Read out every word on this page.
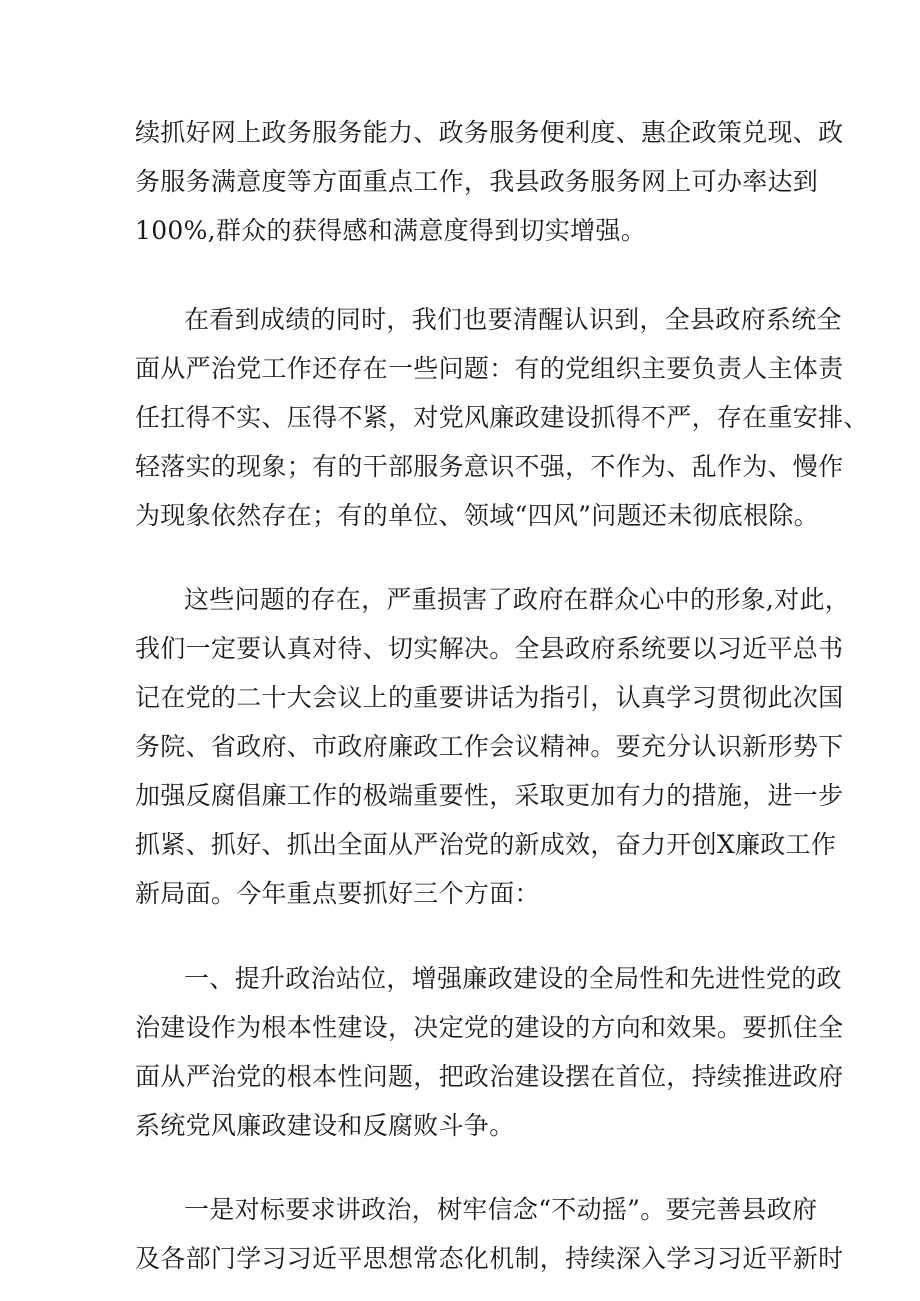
续抓好网上政务服务能力、政务服务便利度、惠企政策兑现、政
务服务满意度等方面重点工作，我县政务服务网上可办率达到
100%,群众的获得感和满意度得到切实增强。
在看到成绩的同时，我们也要清醒认识到，全县政府系统全
面从严治党工作还存在一些问题：有的党组织主要负责人主体责
任扛得不实、压得不紧，对党风廉政建设抓得不严，存在重安排、
轻落实的现象；有的干部服务意识不强，不作为、乱作为、慢作
为现象依然存在；有的单位、领域“四风”问题还未彻底根除。
这些问题的存在，严重损害了政府在群众心中的形象,对此，
我们一定要认真对待、切实解决。全县政府系统要以习近平总书
记在党的二十大会议上的重要讲话为指引，认真学习贯彻此次国
务院、省政府、市政府廉政工作会议精神。要充分认识新形势下
加强反腐倡廉工作的极端重要性，采取更加有力的措施，进一步
抓紧、抓好、抓出全面从严治党的新成效，奋力开创X廉政工作
新局面。今年重点要抓好三个方面：
一、提升政治站位，增强廉政建设的全局性和先进性党的政
治建设作为根本性建设，决定党的建设的方向和效果。要抓住全
面从严治党的根本性问题，把政治建设摆在首位，持续推进政府
系统党风廉政建设和反腐败斗争。
一是对标要求讲政治，树牢信念“不动摇”。要完善县政府
及各部门学习习近平思想常态化机制，持续深入学习习近平新时
